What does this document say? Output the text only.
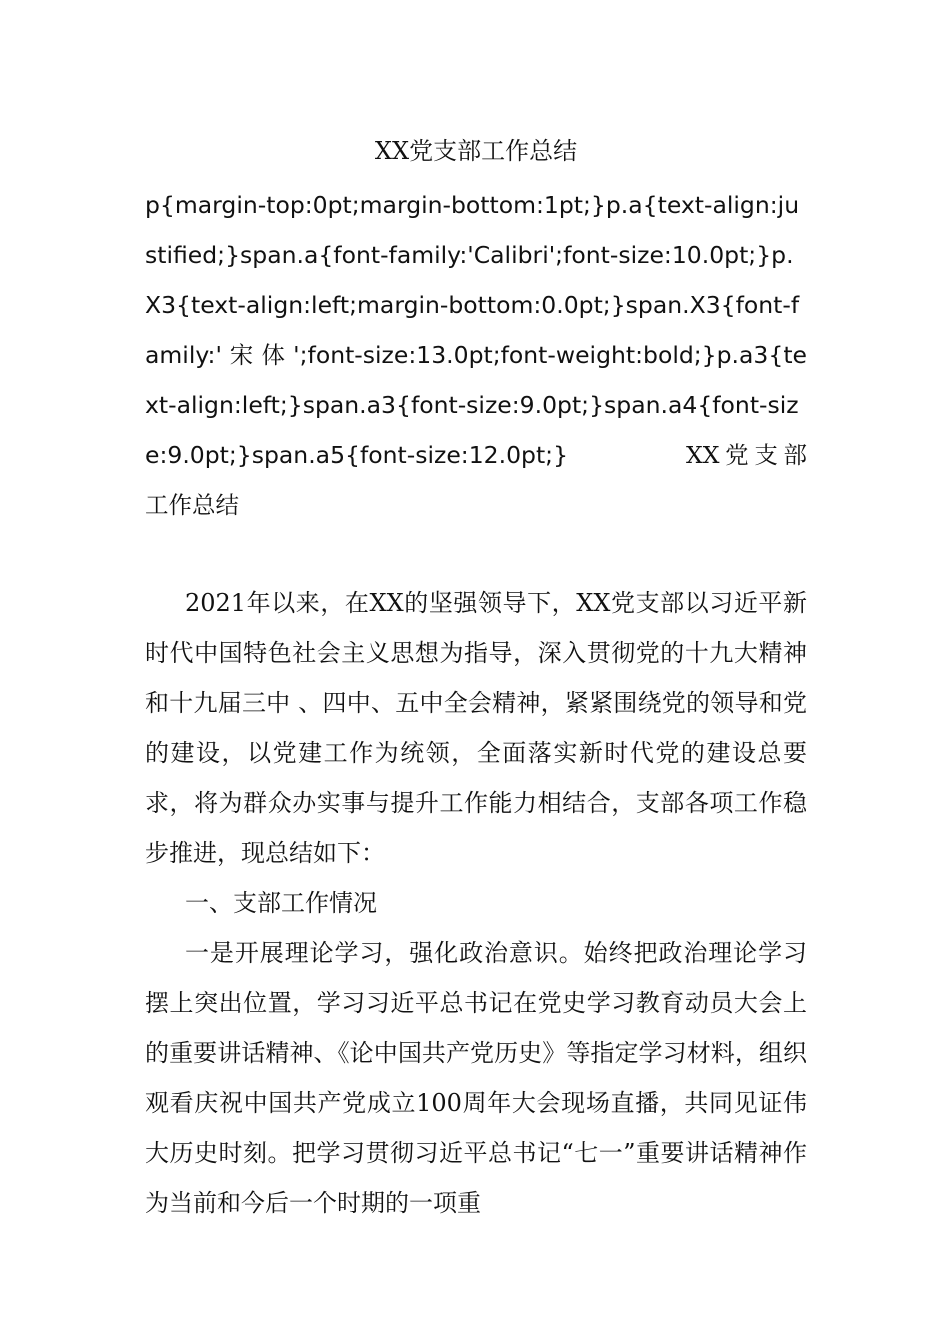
XX党支部工作总结

p{margin-top:0pt;margin-bottom:1pt;}p.a{text-align:justified;}span.a{font-family:'Calibri';font-size:10.0pt;}p.X3{text-align:left;margin-bottom:0.0pt;}span.X3{font-family:' 宋 体 ';font-size:13.0pt;font-weight:bold;}p.a3{text-align:left;}span.a3{font-size:9.0pt;}span.a4{font-size:9.0pt;}span.a5{font-size:12.0pt;}	XX党支部工作总结

2021年以来，在XX的坚强领导下，XX党支部以习近平新时代中国特色社会主义思想为指导，深入贯彻党的十九大精神和十九届三中 、四中、五中全会精神，紧紧围绕党的领导和党的建设，以党建工作为统领，全面落实新时代党的建设总要求，将为群众办实事与提升工作能力相结合，支部各项工作稳步推进，现总结如下：

一、支部工作情况

一是开展理论学习，强化政治意识。始终把政治理论学习摆上突出位置，学习习近平总书记在党史学习教育动员大会上的重要讲话精神、《论中国共产党历史》等指定学习材料，组织观看庆祝中国共产党成立100周年大会现场直播，共同见证伟大历史时刻。把学习贯彻习近平总书记“七一”重要讲话精神作为当前和今后一个时期的一项重
